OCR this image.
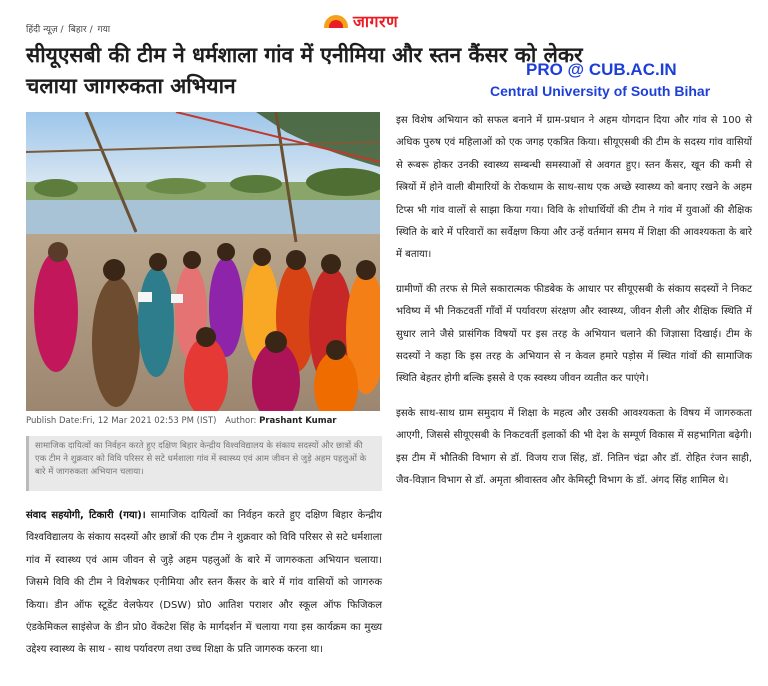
हिंदी न्यूज़ / बिहार / गया	जागरण
सीयूएसबी की टीम ने धर्मशाला गांव में एनीमिया और स्तन कैंसर को लेकर चलाया जागरुकता अभियान
PRO @ CUB.AC.IN
Central University of South Bihar
Publish Date:Fri, 12 Mar 2021 02:53 PM (IST) Author: Prashant Kumar
सामाजिक दायित्वों का निर्वहन करते हुए दक्षिण बिहार केन्द्रीय विश्वविद्यालय के संकाय सदस्यों और छात्रों की एक टीम ने शुक्रवार को विवि परिसर से सटे धर्मशाला गांव में स्वास्थ्य एवं आम जीवन से जुड़े अहम पहलुओं के बारे में जागरुकता अभियान चलाया।
संवाद सहयोगी, टिकारी (गया)। सामाजिक दायित्वों का निर्वहन करते हुए दक्षिण बिहार केन्द्रीय विश्वविद्यालय के संकाय सदस्यों और छात्रों की एक टीम ने शुक्रवार को विवि परिसर से सटे धर्मशाला गांव में स्वास्थ्य एवं आम जीवन से जुड़े अहम पहलुओं के बारे में जागरुकता अभियान चलाया। जिसमे विवि की टीम ने विशेषकर एनीमिया और स्तन कैंसर के बारे में गांव वासियों को जागरुक किया। डीन ऑफ स्टूडेंट वेलफेयर (DSW) प्रो0 आतिश पराशर और स्कूल ऑफ फिजिकल एंडकेमिकल साइंसेज के डीन प्रो0 वेंकटेश सिंह के मार्गदर्शन में चलाया गया इस कार्यक्रम का मुख्य उद्देश्य स्वास्थ्य के साथ - साथ पर्यावरण तथा उच्च शिक्षा के प्रति जागरुक करना था।

इस विशेष अभियान को सफल बनाने में ग्राम-प्रधान ने अहम योगदान दिया और गांव से 100 से अधिक पुरुष एवं महिलाओं को एक जगह एकत्रित किया। सीयूएसबी की टीम के सदस्य गांव वासियों से रूबरू होकर उनकी स्वास्थ्य सम्बन्धी समस्याओं से अवगत हुए। स्तन कैंसर, खून की कमी से स्त्रियों में होने वाली बीमारियों के रोकथाम के साथ-साथ एक अच्छे स्वास्थ्य को बनाए रखने के अहम टिप्स भी गांव वालों से साझा किया गया। विवि के शोधार्थियों की टीम ने गांव में युवाओं की शैक्षिक स्थिति के बारे में परिवारों का सर्वेक्षण किया और उन्हें वर्तमान समय में शिक्षा की आवश्यकता के बारे में बताया।

ग्रामीणों की तरफ से मिले सकारात्मक फीडबेक के आधार पर सीयूएसबी के संकाय सदस्यों ने निकट भविष्य में भी निकटवर्ती गाँवों में पर्यावरण संरक्षण और स्वास्थ्य, जीवन शैली और शैक्षिक स्थिति में सुधार लाने जैसे प्रासंगिक विषयों पर इस तरह के अभियान चलाने की जिज्ञासा दिखाई। टीम के सदस्यों ने कहा कि इस तरह के अभियान से न केवल हमारे पड़ोस में स्थित गांवों की सामाजिक स्थिति बेहतर होगी बल्कि इससे वे एक स्वस्थ्य जीवन व्यतीत कर पाएंगे।

इसके साथ-साथ ग्राम समुदाय में शिक्षा के महत्व और उसकी आवश्यकता के विषय में जागरुकता आएगी, जिससे सीयूएसबी के निकटवर्ती इलाकों की भी देश के सम्पूर्ण विकास में सहभागिता बढ़ेगी। इस टीम में भौतिकी विभाग से डॉ. विजय राज सिंह, डॉ. नितिन चंद्रा और डॉ. रोहित रंजन साही, जैव-विज्ञान विभाग से डॉ. अमृता श्रीवास्तव और केमिस्ट्री विभाग के डॉ. अंगद सिंह शामिल थे।
